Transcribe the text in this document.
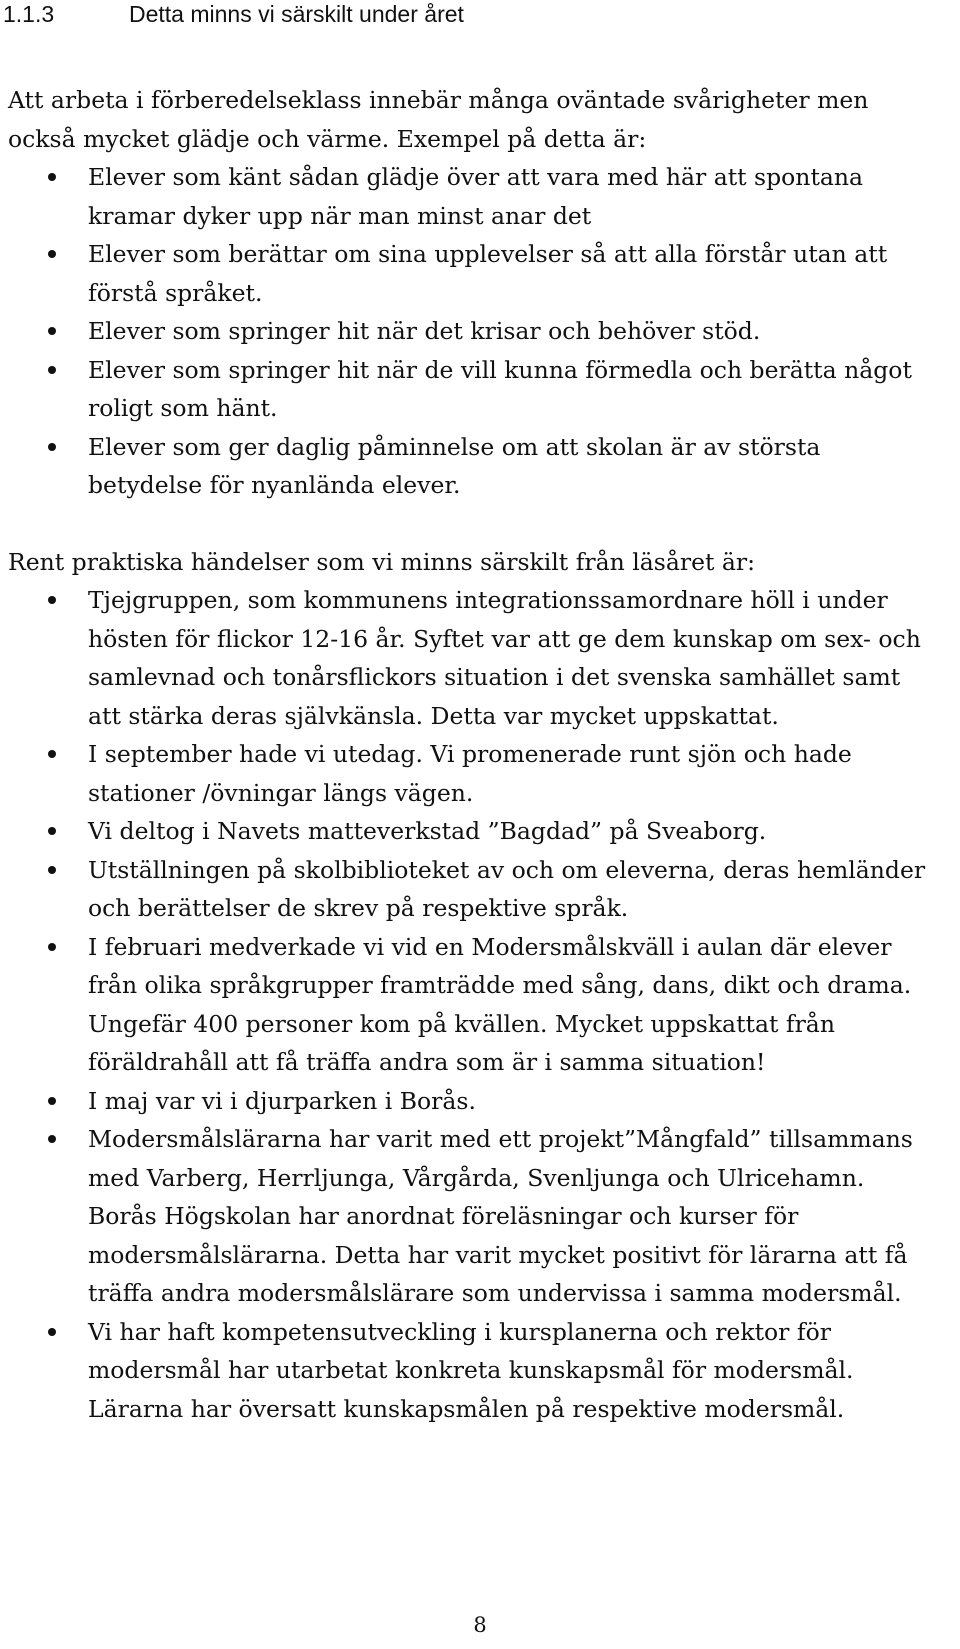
1.1.3	Detta minns vi särskilt under året

Att arbeta i förberedelseklass innebär många oväntade svårigheter men också mycket glädje och värme. Exempel på detta är:

Elever som känt sådan glädje över att vara med här att spontana kramar dyker upp när man minst anar det
Elever som berättar om sina upplevelser så att alla förstår utan att förstå språket.
Elever som springer hit när det krisar och behöver stöd.
Elever som springer hit när de vill kunna förmedla och berätta något roligt som hänt.
Elever som ger daglig påminnelse om att skolan är av största betydelse för nyanlända elever.

Rent praktiska händelser som vi minns särskilt från läsåret är:

Tjejgruppen, som kommunens integrationssamordnare höll i under hösten för flickor 12-16 år. Syftet var att ge dem kunskap om sex- och samlevnad och tonårsflickors situation i det svenska samhället samt att stärka deras självkänsla. Detta var mycket uppskattat.
I september hade vi utedag. Vi promenerade runt sjön och hade stationer /övningar längs vägen.
Vi deltog i Navets matteverkstad ”Bagdad” på Sveaborg.
Utställningen på skolbiblioteket av och om eleverna, deras hemländer och berättelser de skrev på respektive språk.
I februari medverkade vi vid en Modersmålskväll i aulan där elever från olika språkgrupper framträdde med sång, dans, dikt och drama. Ungefär 400 personer kom på kvällen. Mycket uppskattat från föräldrahåll att få träffa andra som är i samma situation!
I maj var vi i djurparken i Borås.
Modersmålslärarna har varit med ett projekt”Mångfald” tillsammans med Varberg, Herrljunga, Vårgårda, Svenljunga och Ulricehamn. Borås Högskolan har anordnat föreläsningar och kurser för modersmålslärarna. Detta har varit mycket positivt för lärarna att få träffa andra modersmålslärare som undervissa i samma modersmål.
Vi har haft kompetensutveckling i kursplanerna och rektor för modersmål har utarbetat konkreta kunskapsmål för modersmål. Lärarna har översatt kunskapsmålen på respektive modersmål.
8
